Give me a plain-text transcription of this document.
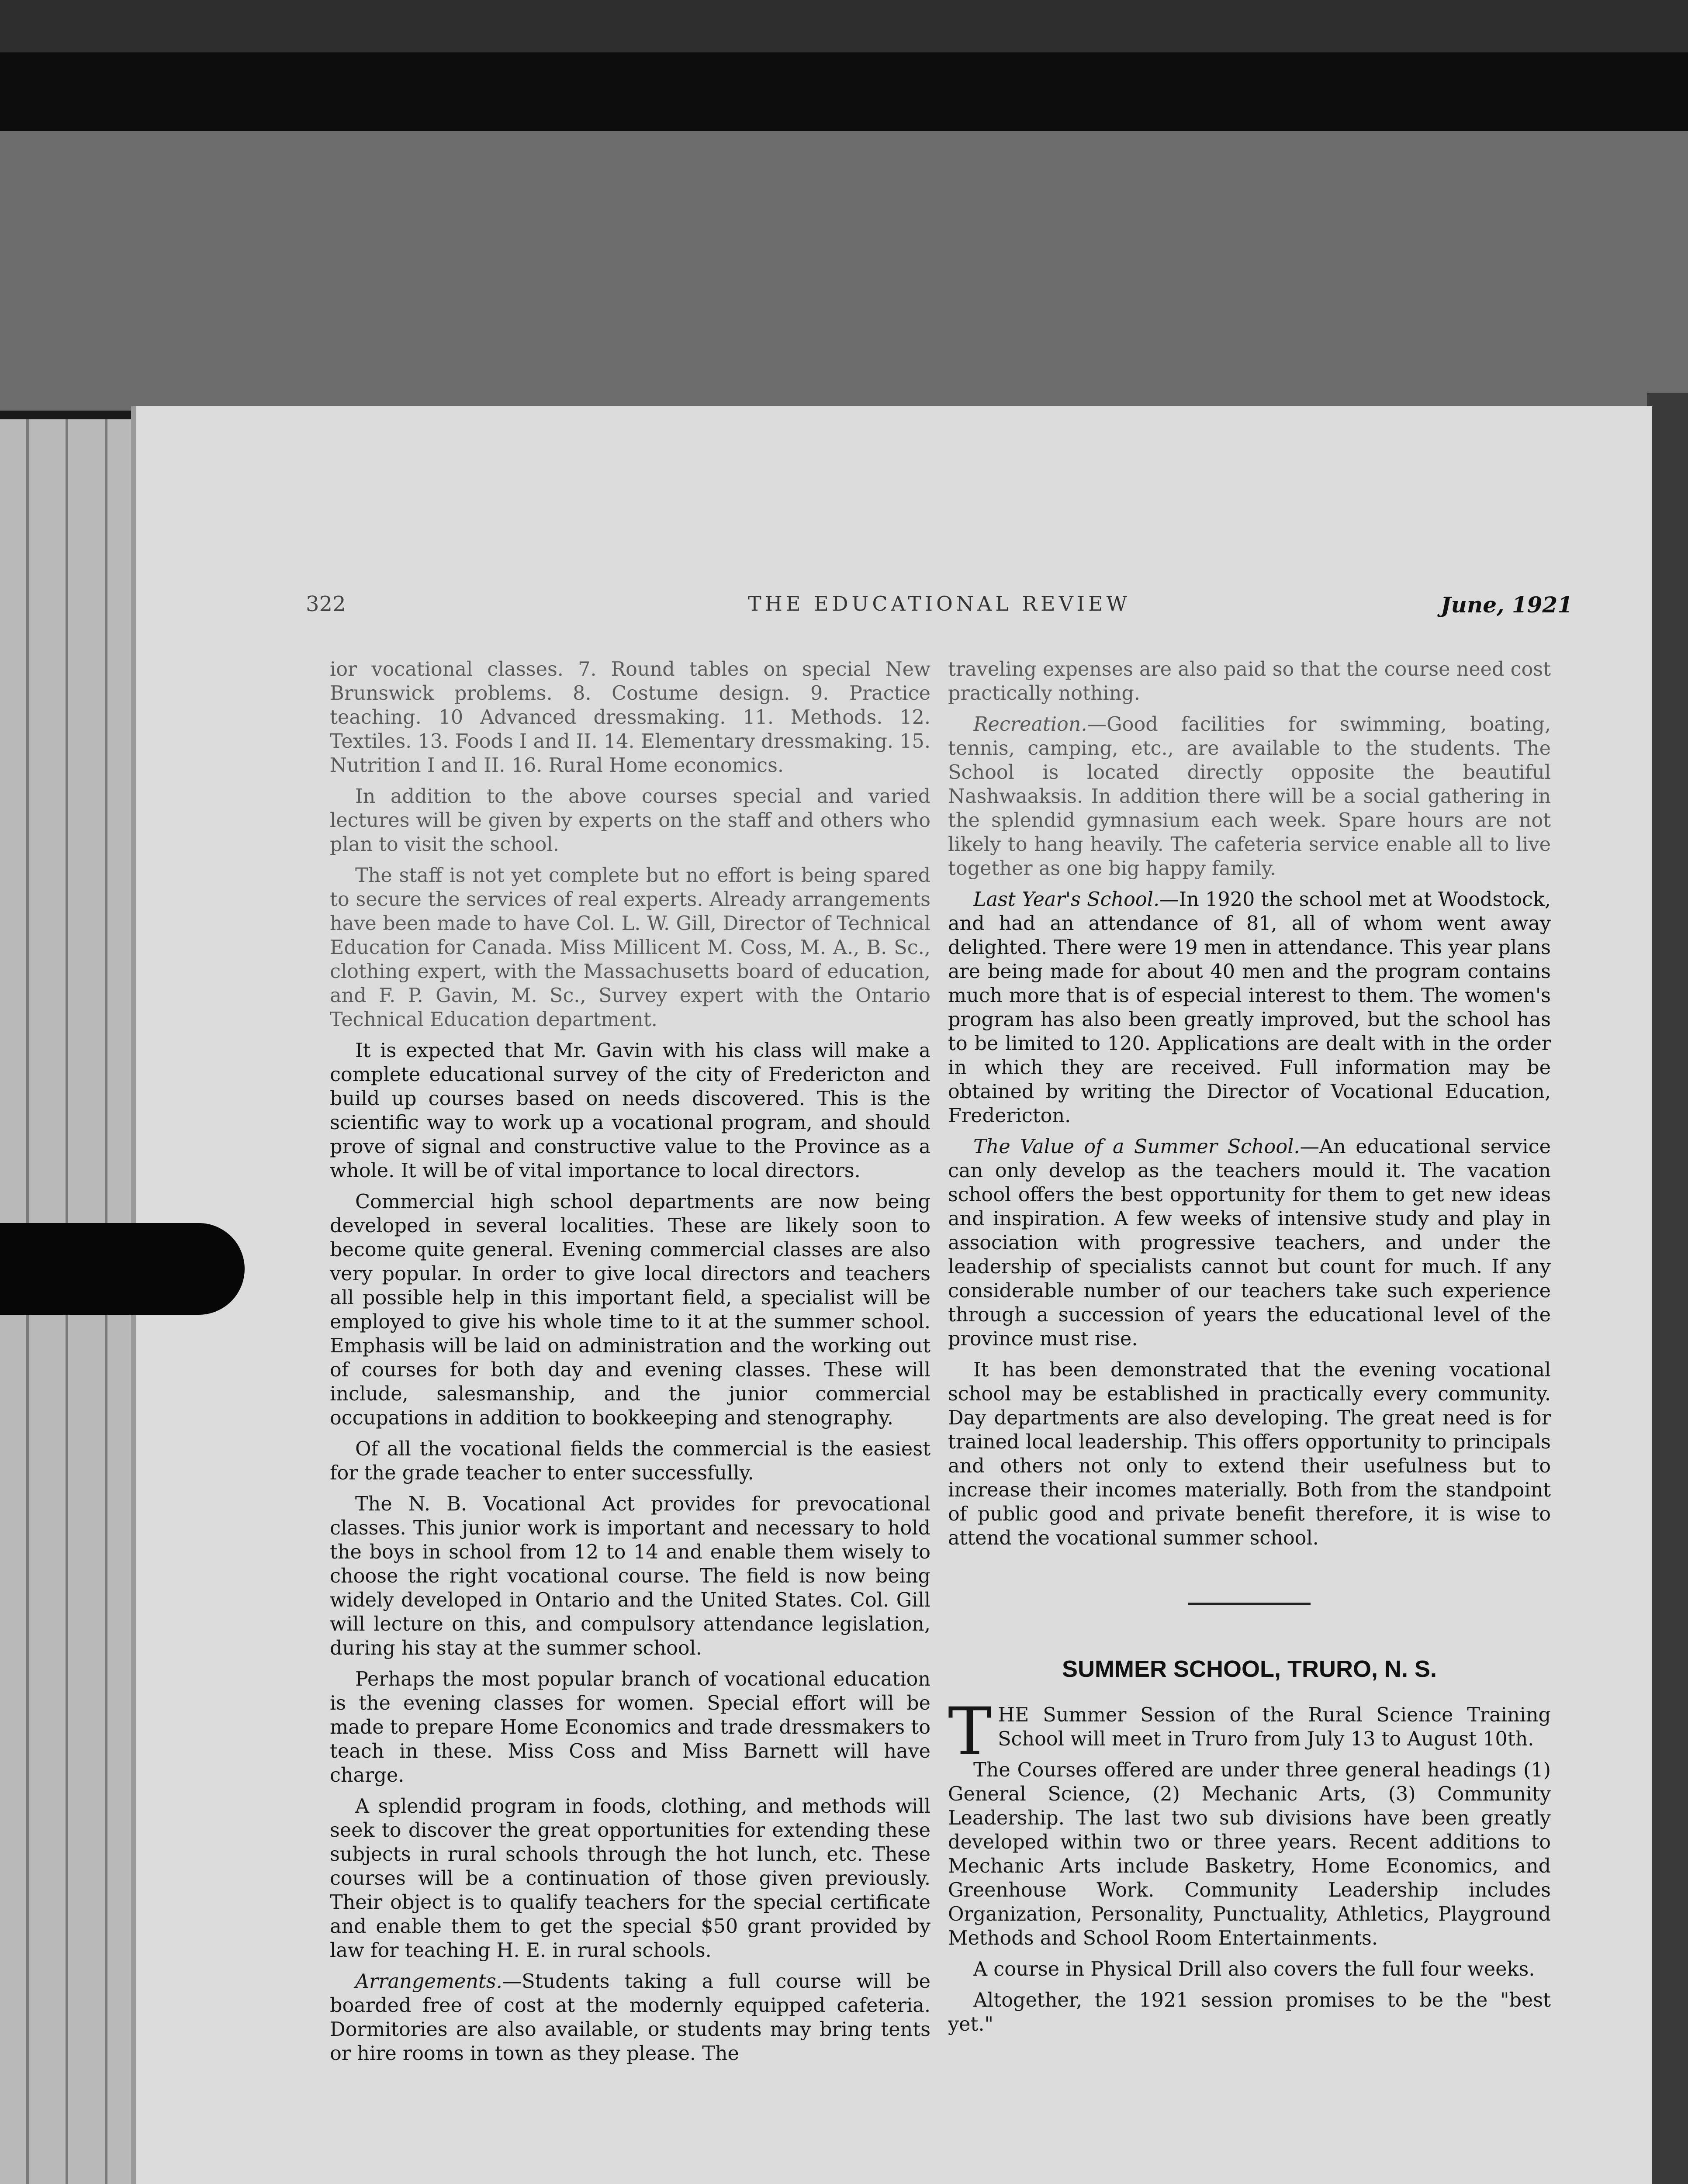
322	THE EDUCATIONAL REVIEW	June, 1921

ior vocational classes. 7. Round tables on special New Brunswick problems. 8. Costume design. 9. Practice teaching. 10 Advanced dressmaking. 11. Methods. 12. Textiles. 13. Foods I and II. 14. Elementary dressmaking. 15. Nutrition I and II. 16. Rural Home economics.

In addition to the above courses special and varied lectures will be given by experts on the staff and others who plan to visit the school.

The staff is not yet complete but no effort is being spared to secure the services of real experts. Already arrangements have been made to have Col. L. W. Gill, Director of Technical Education for Canada. Miss Millicent M. Coss, M. A., B. Sc., clothing expert, with the Massachusetts board of education, and F. P. Gavin, M. Sc., Survey expert with the Ontario Technical Education department.

It is expected that Mr. Gavin with his class will make a complete educational survey of the city of Fredericton and build up courses based on needs discovered. This is the scientific way to work up a vocational program, and should prove of signal and constructive value to the Province as a whole. It will be of vital importance to local directors.

Commercial high school departments are now being developed in several localities. These are likely soon to become quite general. Evening commercial classes are also very popular. In order to give local directors and teachers all possible help in this important field, a specialist will be employed to give his whole time to it at the summer school. Emphasis will be laid on administration and the working out of courses for both day and evening classes. These will include, salesmanship, and the junior commercial occupations in addition to bookkeeping and stenography.

Of all the vocational fields the commercial is the easiest for the grade teacher to enter successfully.

The N. B. Vocational Act provides for prevocational classes. This junior work is important and necessary to hold the boys in school from 12 to 14 and enable them wisely to choose the right vocational course. The field is now being widely developed in Ontario and the United States. Col. Gill will lecture on this, and compulsory attendance legislation, during his stay at the summer school.

Perhaps the most popular branch of vocational education is the evening classes for women. Special effort will be made to prepare Home Economics and trade dressmakers to teach in these. Miss Coss and Miss Barnett will have charge.

A splendid program in foods, clothing, and methods will seek to discover the great opportunities for extending these subjects in rural schools through the hot lunch, etc. These courses will be a continuation of those given previously. Their object is to qualify teachers for the special certificate and enable them to get the special $50 grant provided by law for teaching H. E. in rural schools.

Arrangements.—Students taking a full course will be boarded free of cost at the modernly equipped cafeteria. Dormitories are also available, or students may bring tents or hire rooms in town as they please. The

traveling expenses are also paid so that the course need cost practically nothing.

Recreation.—Good facilities for swimming, boating, tennis, camping, etc., are available to the students. The School is located directly opposite the beautiful Nashwaaksis. In addition there will be a social gathering in the splendid gymnasium each week. Spare hours are not likely to hang heavily. The cafeteria service enable all to live together as one big happy family.

Last Year's School.—In 1920 the school met at Woodstock, and had an attendance of 81, all of whom went away delighted. There were 19 men in attendance. This year plans are being made for about 40 men and the program contains much more that is of especial interest to them. The women's program has also been greatly improved, but the school has to be limited to 120. Applications are dealt with in the order in which they are received. Full information may be obtained by writing the Director of Vocational Education, Fredericton.

The Value of a Summer School.—An educational service can only develop as the teachers mould it. The vacation school offers the best opportunity for them to get new ideas and inspiration. A few weeks of intensive study and play in association with progressive teachers, and under the leadership of specialists cannot but count for much. If any considerable number of our teachers take such experience through a succession of years the educational level of the province must rise.

It has been demonstrated that the evening vocational school may be established in practically every community. Day departments are also developing. The great need is for trained local leadership. This offers opportunity to principals and others not only to extend their usefulness but to increase their incomes materially. Both from the standpoint of public good and private benefit therefore, it is wise to attend the vocational summer school.

SUMMER SCHOOL, TRURO, N. S.

THE Summer Session of the Rural Science Training School will meet in Truro from July 13 to August 10th.

The Courses offered are under three general headings (1) General Science, (2) Mechanic Arts, (3) Community Leadership. The last two sub divisions have been greatly developed within two or three years. Recent additions to Mechanic Arts include Basketry, Home Economics, and Greenhouse Work. Community Leadership includes Organization, Personality, Punctuality, Athletics, Playground Methods and School Room Entertainments.

A course in Physical Drill also covers the full four weeks.

Altogether, the 1921 session promises to be the "best yet."
